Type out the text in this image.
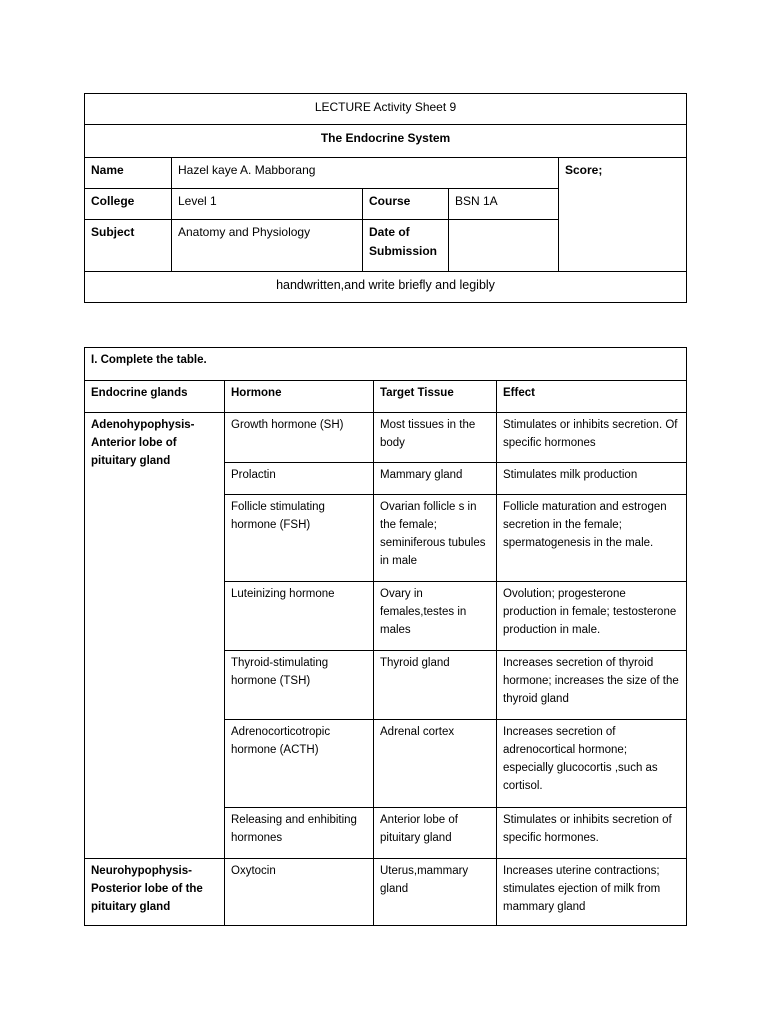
LECTURE Activity Sheet 9				
The Endocrine System				
Name	Hazel kaye A. Mabborang			Score;
College	Level 1	Course	BSN 1A	
Subject	Anatomy and Physiology	Date of
Submission		
handwritten,and write briefly and legibly				
I. Complete the table.			
Endocrine glands	Hormone	Target Tissue	Effect
Adenohypophysis- Anterior lobe of pituitary gland	Growth hormone (SH)	Most tissues in the body	Stimulates or inhibits secretion. Of specific hormones
	Prolactin	Mammary gland	Stimulates milk production
	Follicle stimulating hormone (FSH)	Ovarian follicle s in the female; seminiferous tubules in male	Follicle maturation and estrogen secretion in the female; spermatogenesis in the male.
	Luteinizing hormone	Ovary in females,testes in males	Ovolution; progesterone production in female; testosterone production in male.
	Thyroid-stimulating hormone (TSH)	Thyroid gland	Increases secretion of thyroid hormone; increases the size of the thyroid gland
	Adrenocorticotropic hormone (ACTH)	Adrenal cortex	Increases secretion of adrenocortical hormone; especially glucocortis ,such as cortisol.
	Releasing and enhibiting hormones	Anterior lobe of pituitary gland	Stimulates or inhibits secretion of specific hormones.
Neurohypophysis- Posterior lobe of the pituitary gland	Oxytocin	Uterus,mammary gland	Increases uterine contractions; stimulates ejection of milk from mammary gland
